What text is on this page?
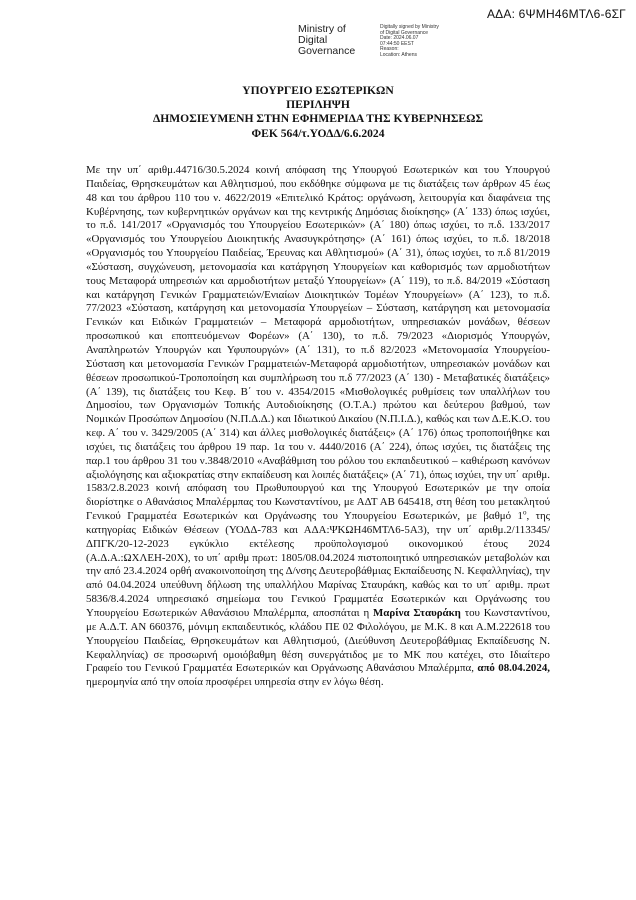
ΑΔΑ: 6ΨΜΗ46ΜΤΛ6-6ΣΓ
Ministry of
Digital
Governance
Digitally signed by Ministry
of Digital Governance
Date: 2024.06.07
07:44:50 EEST
Reason:
Location: Athens
ΥΠΟΥΡΓΕΙΟ ΕΣΩΤΕΡΙΚΩΝ
ΠΕΡΙΛΗΨΗ
ΔΗΜΟΣΙΕΥΜΕΝΗ ΣΤΗΝ ΕΦΗΜΕΡΙΔΑ ΤΗΣ ΚΥΒΕΡΝΗΣΕΩΣ
ΦΕΚ 564/τ.ΥΟΔΔ/6.6.2024
Με την υπ΄ αριθμ.44716/30.5.2024 κοινή απόφαση της Υπουργού Εσωτερικών και του Υπουργού Παιδείας, Θρησκευμάτων και Αθλητισμού, που εκδόθηκε σύμφωνα με τις διατάξεις των άρθρων 45 έως 48 και του άρθρου 110 του ν. 4622/2019 «Επιτελικό Κράτος: οργάνωση, λειτουργία και διαφάνεια της Κυβέρνησης, των κυβερνητικών οργάνων και της κεντρικής Δημόσιας διοίκησης» (Α΄ 133) όπως ισχύει, το π.δ. 141/2017 «Οργανισμός του Υπουργείου Εσωτερικών» (Α΄ 180) όπως ισχύει, το π.δ. 133/2017 «Οργανισμός του Υπουργείου Διοικητικής Ανασυγκρότησης» (Α΄ 161) όπως ισχύει, το π.δ. 18/2018 «Οργανισμός του Υπουργείου Παιδείας, Έρευνας και Αθλητισμού» (Α΄ 31), όπως ισχύει, το π.δ 81/2019 «Σύσταση, συγχώνευση, μετονομασία και κατάργηση Υπουργείων και καθορισμός των αρμοδιοτήτων τους Μεταφορά υπηρεσιών και αρμοδιοτήτων μεταξύ Υπουργείων» (Α΄ 119), το π.δ. 84/2019 «Σύσταση και κατάργηση Γενικών Γραμματειών/Ενιαίων Διοικητικών Τομέων Υπουργείων» (Α΄ 123), το π.δ. 77/2023 «Σύσταση, κατάργηση και μετονομασία Υπουργείων – Σύσταση, κατάργηση και μετονομασία Γενικών και Ειδικών Γραμματειών – Μεταφορά αρμοδιοτήτων, υπηρεσιακών μονάδων, θέσεων προσωπικού και εποπτευόμενων Φορέων» (Α΄ 130), το π.δ. 79/2023 «Διορισμός Υπουργών, Αναπληρωτών Υπουργών και Υφυπουργών» (Α΄ 131), το π.δ 82/2023 «Μετονομασία Υπουργείου-Σύσταση και μετονομασία Γενικών Γραμματειών-Μεταφορά αρμοδιοτήτων, υπηρεσιακών μονάδων και θέσεων προσωπικού-Τροποποίηση και συμπλήρωση του π.δ 77/2023 (Α΄ 130) - Μεταβατικές διατάξεις» (Α΄ 139), τις διατάξεις του Κεφ. Β΄ του ν. 4354/2015 «Μισθολογικές ρυθμίσεις των υπαλλήλων του Δημοσίου, των Οργανισμών Τοπικής Αυτοδιοίκησης (Ο.Τ.Α.) πρώτου και δεύτερου βαθμού, των Νομικών Προσώπων Δημοσίου (Ν.Π.Δ.Δ.) και Ιδιωτικού Δικαίου (Ν.Π.Ι.Δ.), καθώς και των Δ.Ε.Κ.Ο. του κεφ. Α΄ του ν. 3429/2005 (Α΄ 314) και άλλες μισθολογικές διατάξεις» (Α΄ 176) όπως τροποποιήθηκε και ισχύει, τις διατάξεις του άρθρου 19 παρ. 1α του ν. 4440/2016 (Α΄ 224), όπως ισχύει, τις διατάξεις της παρ.1 του άρθρου 31 του ν.3848/2010 «Αναβάθμιση του ρόλου του εκπαιδευτικού – καθιέρωση κανόνων αξιολόγησης και αξιοκρατίας στην εκπαίδευση και λοιπές διατάξεις» (Α΄ 71), όπως ισχύει, την υπ΄ αριθμ. 1583/2.8.2023 κοινή απόφαση του Πρωθυπουργού και της Υπουργού Εσωτερικών με την οποία διορίστηκε ο Αθανάσιος Μπαλέρμπας του Κωνσταντίνου, με ΑΔΤ ΑΒ 645418, στη θέση του μετακλητού Γενικού Γραμματέα Εσωτερικών και Οργάνωσης του Υπουργείου Εσωτερικών, με βαθμό $1^o$, της κατηγορίας Ειδικών Θέσεων (ΥΟΔΔ-783 και ΑΔΑ:ΨΚΩΗ46ΜΤΛ6-5Α3), την υπ΄ αριθμ.2/113345/ΔΠΓΚ/20-12-2023 εγκύκλιο εκτέλεσης προϋπολογισμού οικονομικού έτους 2024 (Α.Δ.Α.:ΩΧΛΕΗ-20Χ), το υπ΄ αριθμ πρωτ: 1805/08.04.2024 πιστοποιητικό υπηρεσιακών μεταβολών και την από 23.4.2024 ορθή ανακοινοποίηση της Δ/νσης Δευτεροβάθμιας Εκπαίδευσης Ν. Κεφαλληνίας), την από 04.04.2024 υπεύθυνη δήλωση της υπαλλήλου Μαρίνας Σταυράκη, καθώς και το υπ΄ αριθμ. πρωτ 5836/8.4.2024 υπηρεσιακό σημείωμα του Γενικού Γραμματέα Εσωτερικών και Οργάνωσης του Υπουργείου Εσωτερικών Αθανάσιου Μπαλέρμπα, αποσπάται η Μαρίνα Σταυράκη του Κωνσταντίνου, με Α.Δ.Τ. ΑΝ 660376, μόνιμη εκπαιδευτικός, κλάδου ΠΕ 02 Φιλολόγου, με Μ.Κ. 8 και Α.Μ.222618 του Υπουργείου Παιδείας, Θρησκευμάτων και Αθλητισμού, (Διεύθυνση Δευτεροβάθμιας Εκπαίδευσης Ν. Κεφαλληνίας) σε προσωρινή ομοιόβαθμη θέση συνεργάτιδος με το ΜΚ που κατέχει, στο Ιδιαίτερο Γραφείο του Γενικού Γραμματέα Εσωτερικών και Οργάνωσης Αθανάσιου Μπαλέρμπα, από 08.04.2024, ημερομηνία από την οποία προσφέρει υπηρεσία στην εν λόγω θέση.
